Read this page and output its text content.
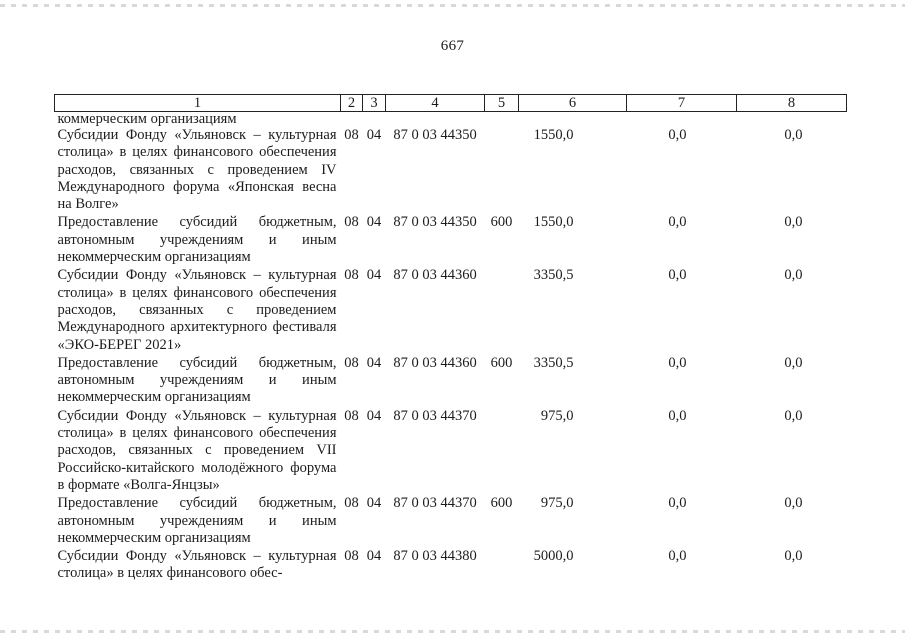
667
1	2	3	4	5	6	7	8
коммерческим организациям							
Субсидии Фонду «Ульяновск – культурная столица» в целях финансового обеспечения расходов, связанных с проведением IV Международного форума «Японская весна на Волге»	08	04	87 0 03 44350		1550,0	0,0	0,0
Предоставление субсидий бюджетным, автономным учреждениям и иным некоммерческим организациям	08	04	87 0 03 44350	600	1550,0	0,0	0,0
Субсидии Фонду «Ульяновск – культурная столица» в целях финансового обеспечения расходов, связанных с проведением Международного архитектурного фестиваля «ЭКО-БЕРЕГ 2021»	08	04	87 0 03 44360		3350,5	0,0	0,0
Предоставление субсидий бюджетным, автономным учреждениям и иным некоммерческим организациям	08	04	87 0 03 44360	600	3350,5	0,0	0,0
Субсидии Фонду «Ульяновск – культурная столица» в целях финансового обеспечения расходов, связанных с проведением VII Российско-китайского молодёжного форума в формате «Волга-Янцзы»	08	04	87 0 03 44370		975,0	0,0	0,0
Предоставление субсидий бюджетным, автономным учреждениям и иным некоммерческим организациям	08	04	87 0 03 44370	600	975,0	0,0	0,0
Субсидии Фонду «Ульяновск – культурная столица» в целях финансового обес-	08	04	87 0 03 44380		5000,0	0,0	0,0
